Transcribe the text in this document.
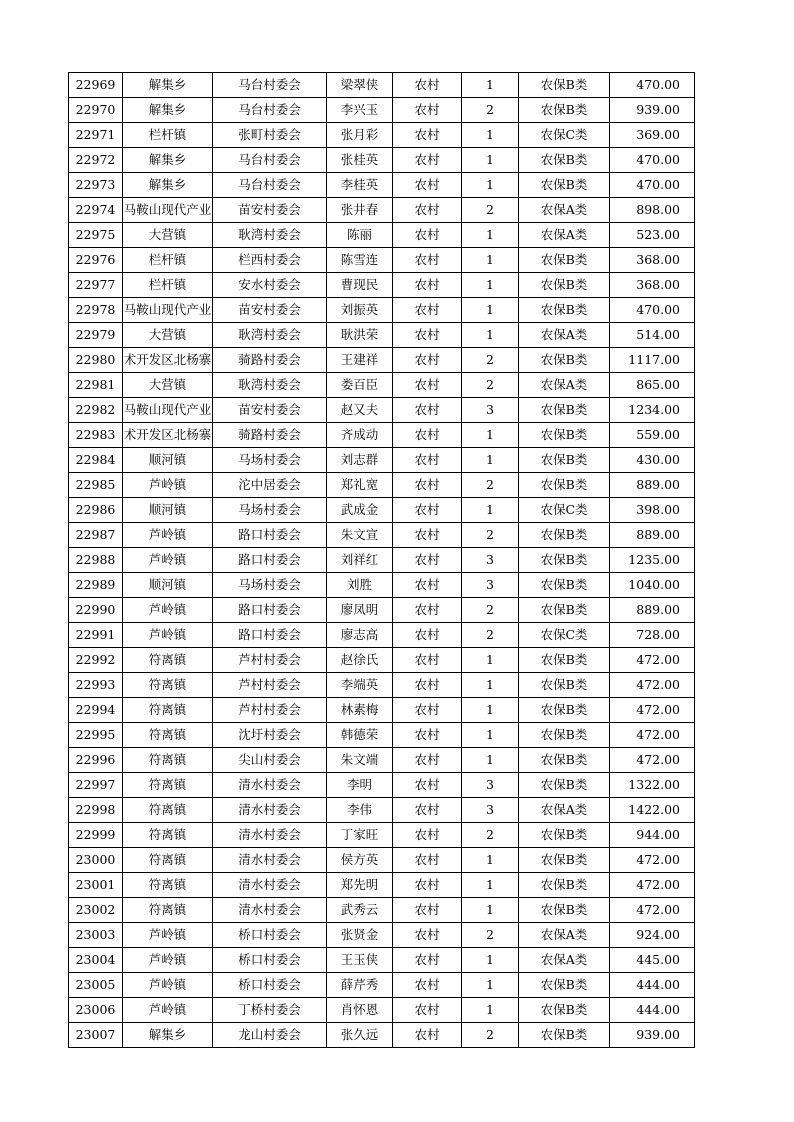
22969	解集乡	马台村委会	梁翠侠	农村	1	农保B类	470.00
22970	解集乡	马台村委会	李兴玉	农村	2	农保B类	939.00
22971	栏杆镇	张町村委会	张月彩	农村	1	农保C类	369.00
22972	解集乡	马台村委会	张桂英	农村	1	农保B类	470.00
22973	解集乡	马台村委会	李桂英	农村	1	农保B类	470.00
22974	马鞍山现代产业	苗安村委会	张井春	农村	2	农保A类	898.00
22975	大营镇	耿湾村委会	陈丽	农村	1	农保A类	523.00
22976	栏杆镇	栏西村委会	陈雪连	农村	1	农保B类	368.00
22977	栏杆镇	安水村委会	曹现民	农村	1	农保B类	368.00
22978	马鞍山现代产业	苗安村委会	刘振英	农村	1	农保B类	470.00
22979	大营镇	耿湾村委会	耿洪荣	农村	1	农保A类	514.00
22980	术开发区北杨寨	骑路村委会	王建祥	农村	2	农保B类	1117.00
22981	大营镇	耿湾村委会	娄百臣	农村	2	农保A类	865.00
22982	马鞍山现代产业	苗安村委会	赵又夫	农村	3	农保B类	1234.00
22983	术开发区北杨寨	骑路村委会	齐成动	农村	1	农保B类	559.00
22984	顺河镇	马场村委会	刘志群	农村	1	农保B类	430.00
22985	芦岭镇	沱中居委会	郑礼宽	农村	2	农保B类	889.00
22986	顺河镇	马场村委会	武成金	农村	1	农保C类	398.00
22987	芦岭镇	路口村委会	朱文宣	农村	2	农保B类	889.00
22988	芦岭镇	路口村委会	刘祥红	农村	3	农保B类	1235.00
22989	顺河镇	马场村委会	刘胜	农村	3	农保B类	1040.00
22990	芦岭镇	路口村委会	廖凤明	农村	2	农保B类	889.00
22991	芦岭镇	路口村委会	廖志高	农村	2	农保C类	728.00
22992	符离镇	芦村村委会	赵徐氏	农村	1	农保B类	472.00
22993	符离镇	芦村村委会	李端英	农村	1	农保B类	472.00
22994	符离镇	芦村村委会	林素梅	农村	1	农保B类	472.00
22995	符离镇	沈圩村委会	韩德荣	农村	1	农保B类	472.00
22996	符离镇	尖山村委会	朱文端	农村	1	农保B类	472.00
22997	符离镇	清水村委会	李明	农村	3	农保B类	1322.00
22998	符离镇	清水村委会	李伟	农村	3	农保A类	1422.00
22999	符离镇	清水村委会	丁家旺	农村	2	农保B类	944.00
23000	符离镇	清水村委会	侯方英	农村	1	农保B类	472.00
23001	符离镇	清水村委会	郑先明	农村	1	农保B类	472.00
23002	符离镇	清水村委会	武秀云	农村	1	农保B类	472.00
23003	芦岭镇	桥口村委会	张贤金	农村	2	农保A类	924.00
23004	芦岭镇	桥口村委会	王玉侠	农村	1	农保A类	445.00
23005	芦岭镇	桥口村委会	薛芹秀	农村	1	农保B类	444.00
23006	芦岭镇	丁桥村委会	肖怀恩	农村	1	农保B类	444.00
23007	解集乡	龙山村委会	张久远	农村	2	农保B类	939.00
